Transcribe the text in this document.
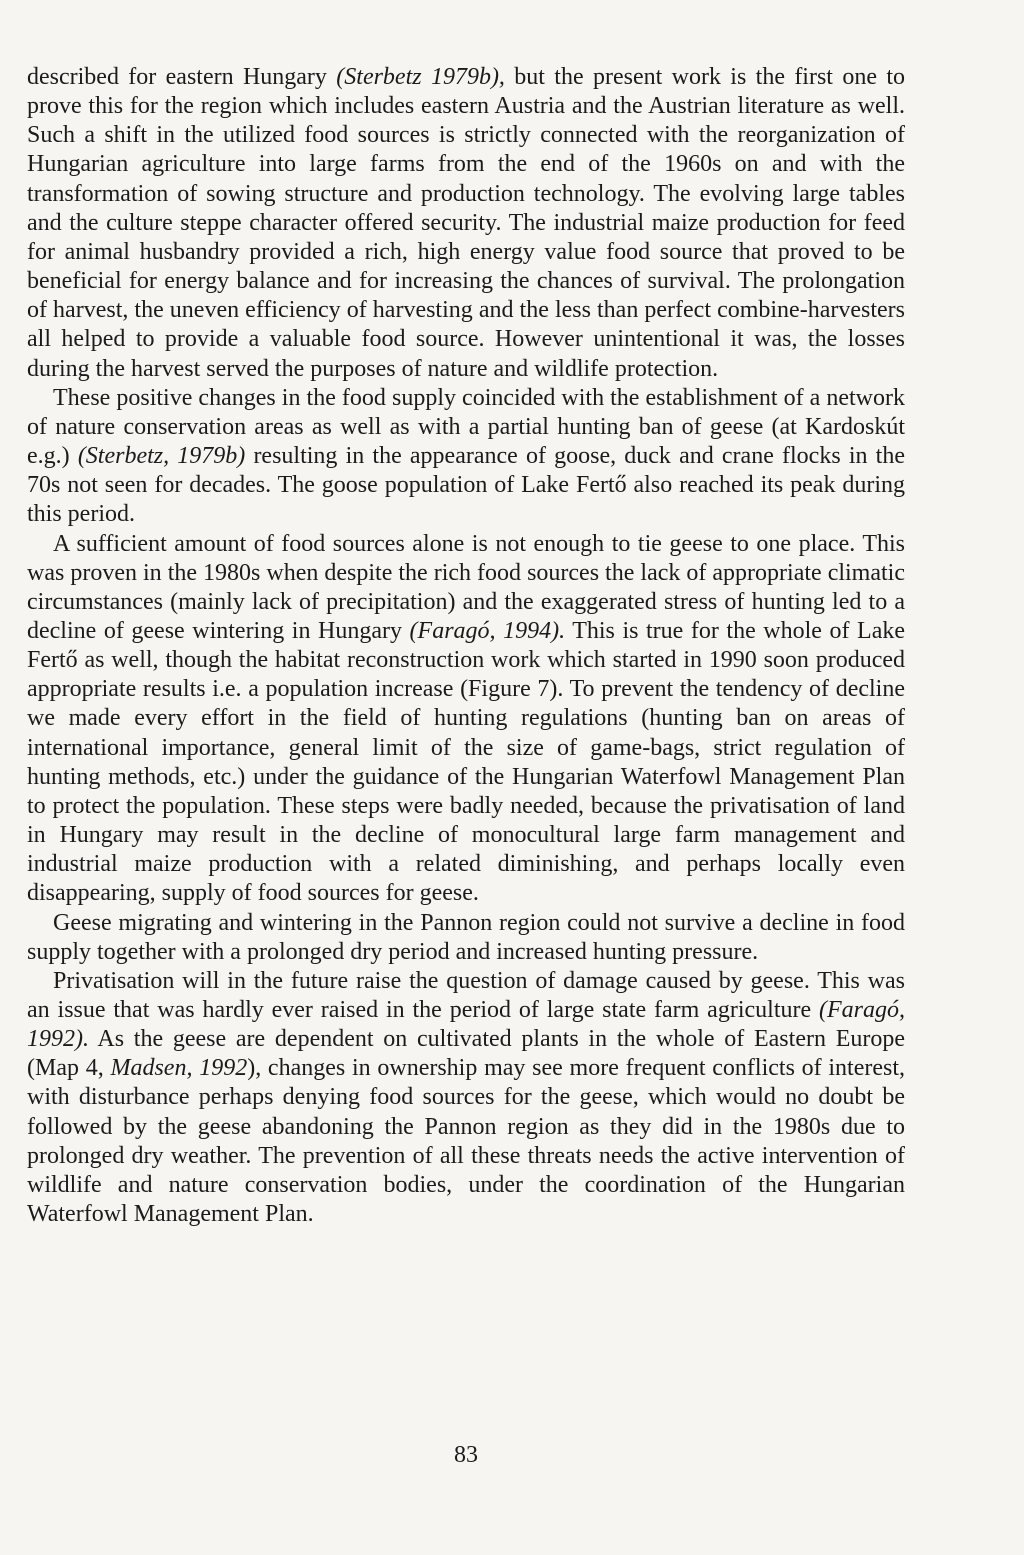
described for eastern Hungary (Sterbetz 1979b), but the present work is the first one to prove this for the region which includes eastern Austria and the Austrian literature as well. Such a shift in the utilized food sources is strictly connected with the reorganization of Hungarian agriculture into large farms from the end of the 1960s on and with the transformation of sowing structure and production technology. The evolving large tables and the culture steppe character offered security. The industrial maize production for feed for animal husbandry provided a rich, high energy value food source that proved to be beneficial for energy balance and for increasing the chances of survival. The prolongation of harvest, the uneven efficiency of harvesting and the less than perfect combine-harvesters all helped to provide a valuable food source. However unintentional it was, the losses during the harvest served the purposes of nature and wildlife protection.

These positive changes in the food supply coincided with the establishment of a network of nature conservation areas as well as with a partial hunting ban of geese (at Kardoskút e.g.) (Sterbetz, 1979b) resulting in the appearance of goose, duck and crane flocks in the 70s not seen for decades. The goose population of Lake Fertő also reached its peak during this period.

A sufficient amount of food sources alone is not enough to tie geese to one place. This was proven in the 1980s when despite the rich food sources the lack of appropriate climatic circumstances (mainly lack of precipitation) and the exaggerated stress of hunting led to a decline of geese wintering in Hungary (Faragó, 1994). This is true for the whole of Lake Fertő as well, though the habitat reconstruction work which started in 1990 soon produced appropriate results i.e. a population increase (Figure 7). To prevent the tendency of decline we made every effort in the field of hunting regulations (hunting ban on areas of international importance, general limit of the size of game-bags, strict regulation of hunting methods, etc.) under the guidance of the Hungarian Waterfowl Management Plan to protect the population. These steps were badly needed, because the privatisation of land in Hungary may result in the decline of monocultural large farm management and industrial maize production with a related diminishing, and perhaps locally even disappearing, supply of food sources for geese.

Geese migrating and wintering in the Pannon region could not survive a decline in food supply together with a prolonged dry period and increased hunting pressure.

Privatisation will in the future raise the question of damage caused by geese. This was an issue that was hardly ever raised in the period of large state farm agriculture (Faragó, 1992). As the geese are dependent on cultivated plants in the whole of Eastern Europe (Map 4, Madsen, 1992), changes in ownership may see more frequent conflicts of interest, with disturbance perhaps denying food sources for the geese, which would no doubt be followed by the geese abandoning the Pannon region as they did in the 1980s due to prolonged dry weather. The prevention of all these threats needs the active intervention of wildlife and nature conservation bodies, under the coordination of the Hungarian Waterfowl Management Plan.

83
